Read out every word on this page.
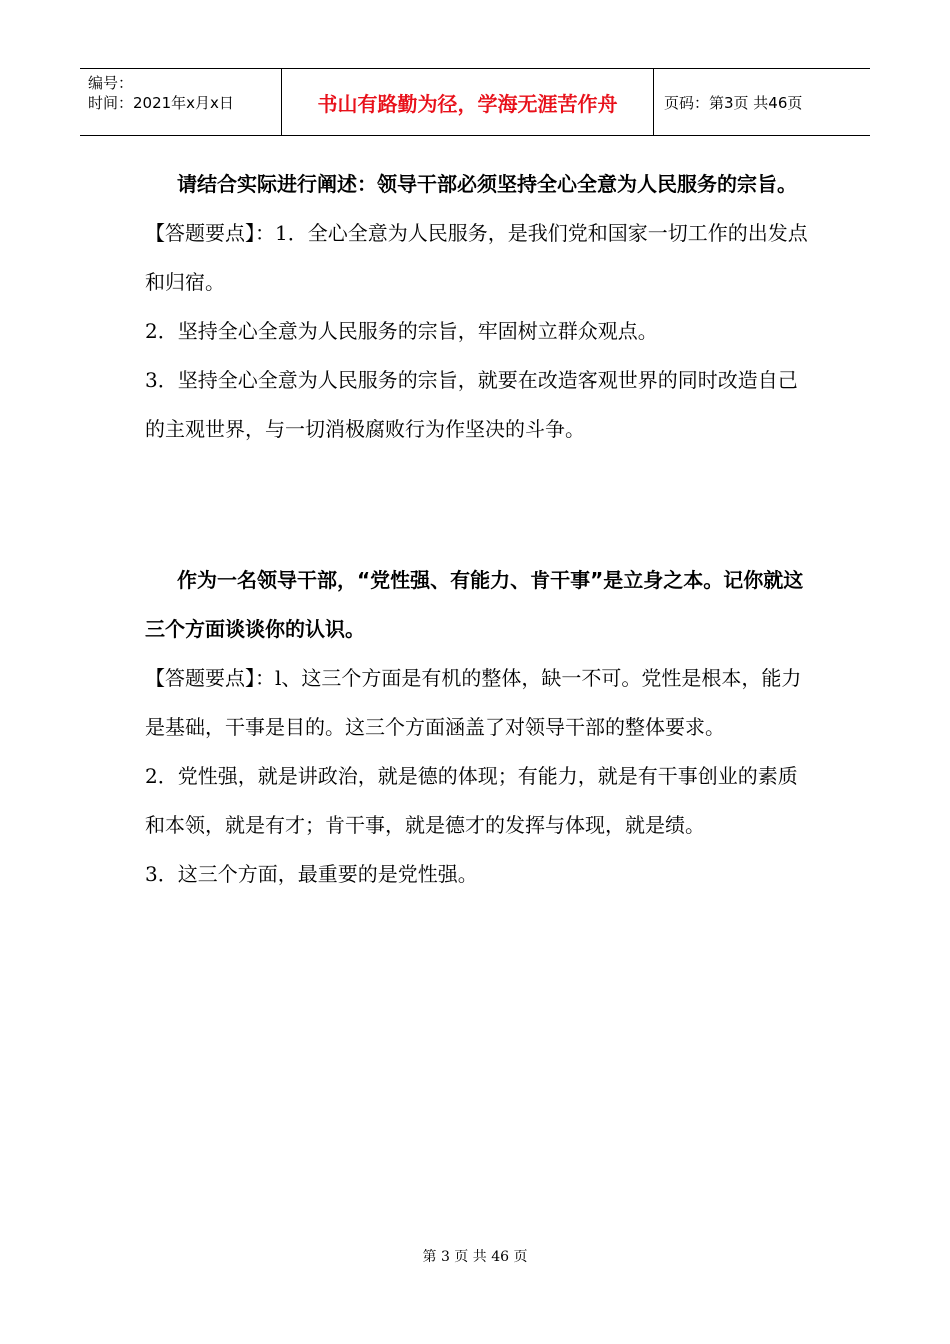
编号：
时间：2021年x月x日	书山有路勤为径，学海无涯苦作舟	页码：第3页 共46页

请结合实际进行阐述：领导干部必须坚持全心全意为人民服务的宗旨。

【答题要点】：1．全心全意为人民服务，是我们党和国家一切工作的出发点和归宿。

2．坚持全心全意为人民服务的宗旨，牢固树立群众观点。

3．坚持全心全意为人民服务的宗旨，就要在改造客观世界的同时改造自己的主观世界，与一切消极腐败行为作坚决的斗争。

作为一名领导干部，“党性强、有能力、肯干事”是立身之本。记你就这三个方面谈谈你的认识。

【答题要点】：l、这三个方面是有机的整体，缺一不可。党性是根本，能力是基础，干事是目的。这三个方面涵盖了对领导干部的整体要求。

2．党性强，就是讲政治，就是德的体现；有能力，就是有干事创业的素质和本领，就是有才；肯干事，就是德才的发挥与体现，就是绩。

3．这三个方面，最重要的是党性强。

第 3 页 共 46 页
